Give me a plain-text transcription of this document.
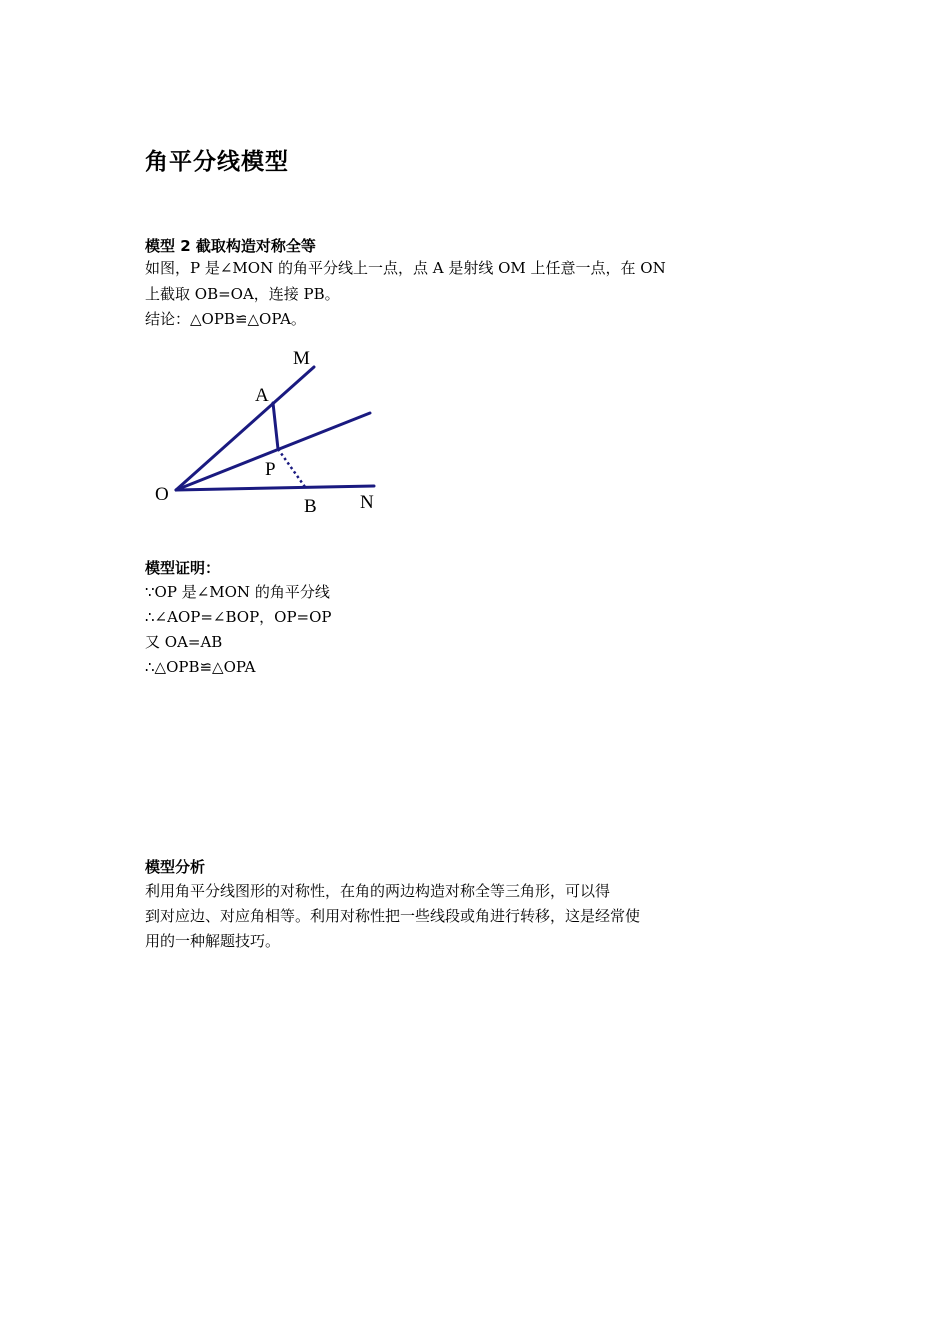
角平分线模型
模型 2 截取构造对称全等
如图，P 是∠MON 的角平分线上一点，点 A 是射线 OM 上任意一点，在 ON
上截取 OB=OA，连接 PB。
结论：△OPB≌△OPA。
M
A
P
O
B N
模型证明：
∵OP 是∠MON 的角平分线
∴∠AOP=∠BOP，OP=OP
又 OA=AB
∴△OPB≌△OPA
模型分析
利用角平分线图形的对称性，在角的两边构造对称全等三角形，可以得
到对应边、对应角相等。利用对称性把一些线段或角进行转移，这是经常使
用的一种解题技巧。
